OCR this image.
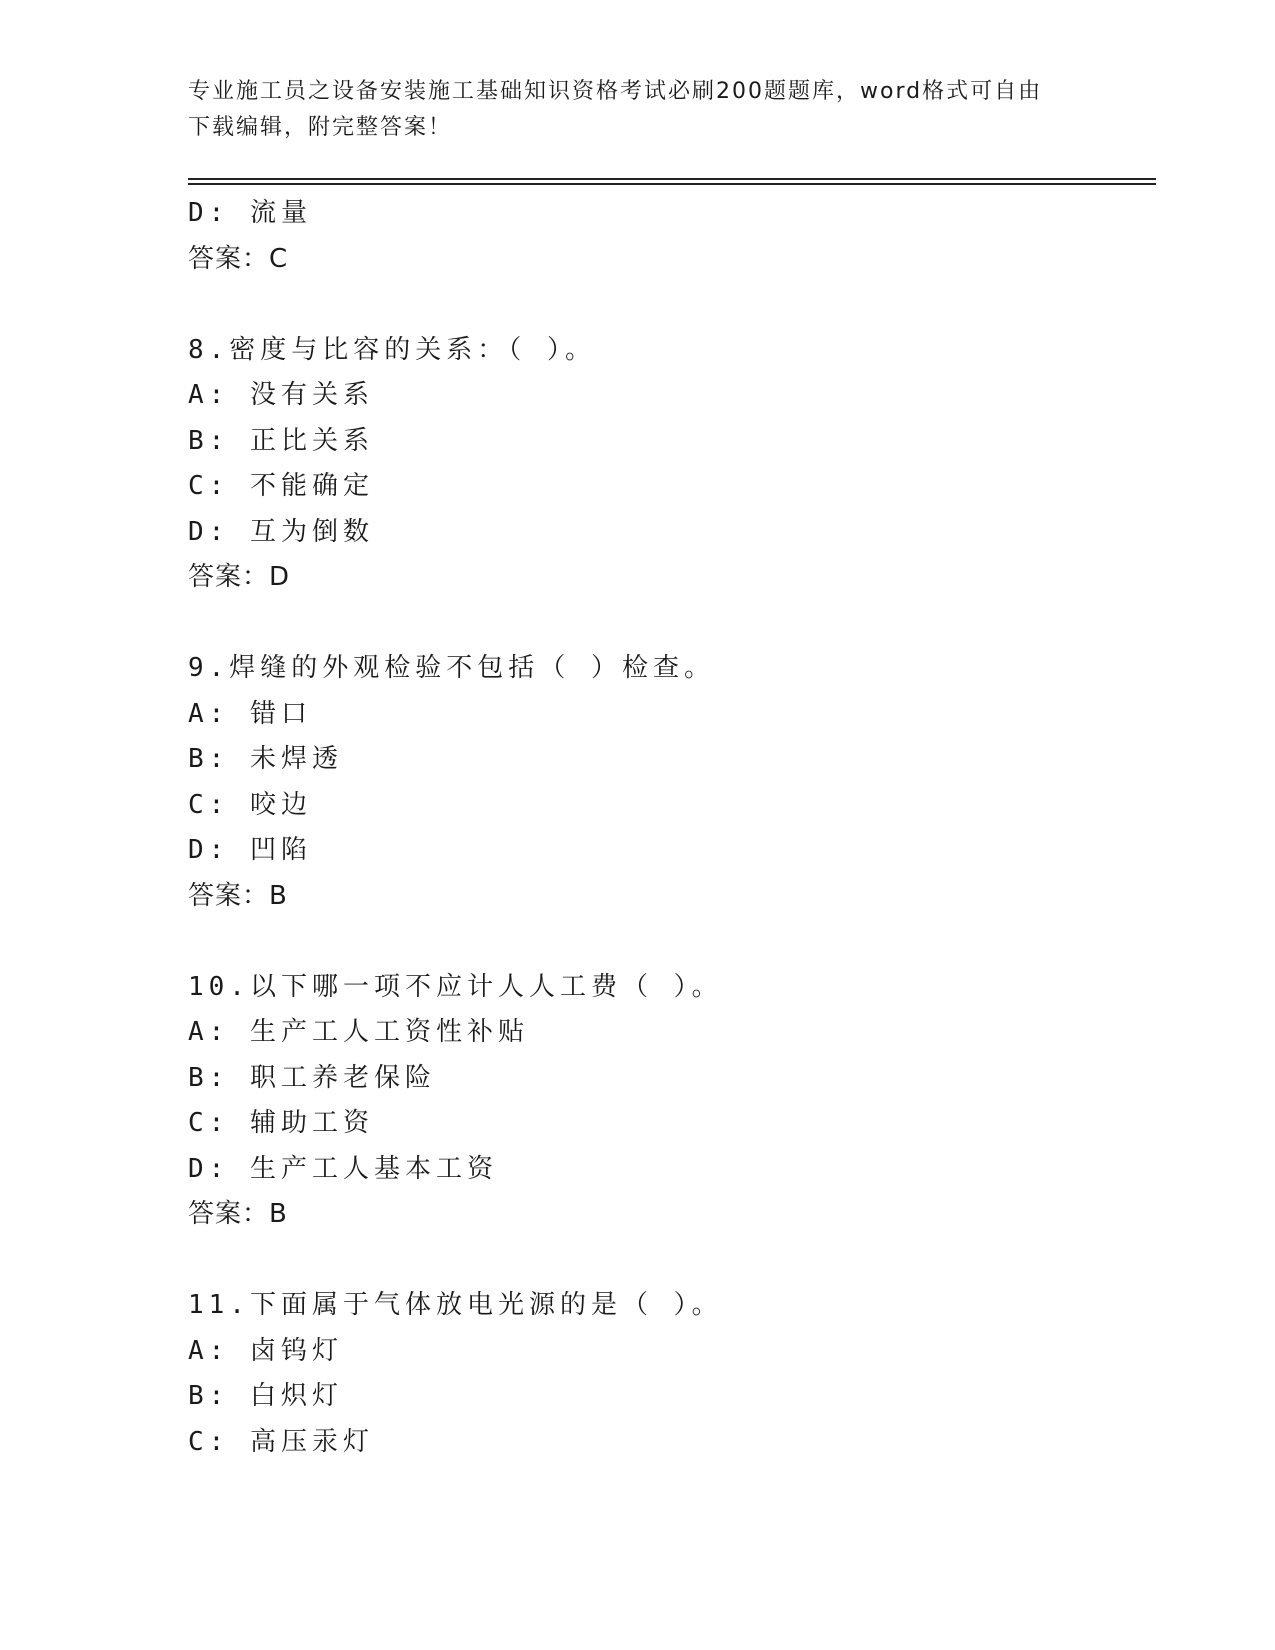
专业施工员之设备安装施工基础知识资格考试必刷200题题库，word格式可自由
下载编辑，附完整答案！
D: 流量
答案：C
8.密度与比容的关系：（ ）。
A: 没有关系
B: 正比关系
C: 不能确定
D: 互为倒数
答案：D
9.焊缝的外观检验不包括（ ）检查。
A: 错口
B: 未焊透
C: 咬边
D: 凹陷
答案：B
10.以下哪一项不应计人人工费（ ）。
A: 生产工人工资性补贴
B: 职工养老保险
C: 辅助工资
D: 生产工人基本工资
答案：B
11.下面属于气体放电光源的是（ ）。
A: 卤钨灯
B: 白炽灯
C: 高压汞灯
